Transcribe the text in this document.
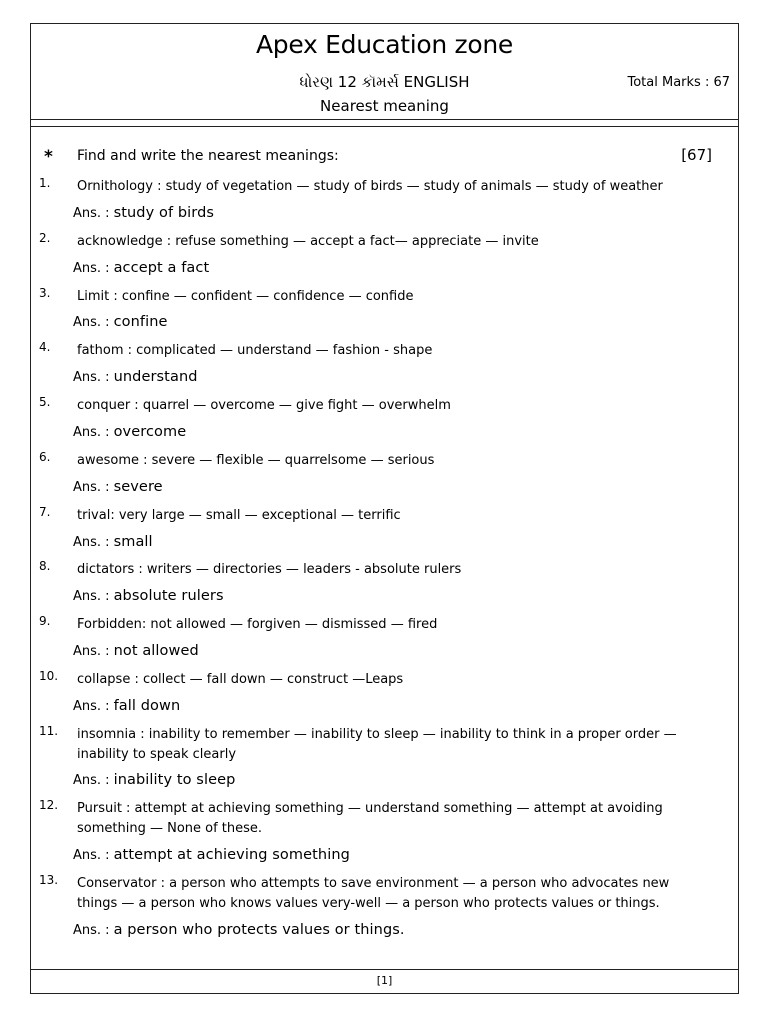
Apex Education zone
ધોરણ 12 કૉમર્સ ENGLISH	Total Marks : 67
Nearest meaning
* Find and write the nearest meanings:	[67]
1. Ornithology : study of vegetation — study of birds — study of animals — study of weather
Ans. : study of birds
2. acknowledge : refuse something — accept a fact— appreciate — invite
Ans. : accept a fact
3. Limit : confine — confident — confidence — confide
Ans. : confine
4. fathom : complicated — understand — fashion - shape
Ans. : understand
5. conquer : quarrel — overcome — give fight — overwhelm
Ans. : overcome
6. awesome : severe — flexible — quarrelsome — serious
Ans. : severe
7. trival: very large — small — exceptional — terrific
Ans. : small
8. dictators : writers — directories — leaders - absolute rulers
Ans. : absolute rulers
9. Forbidden: not allowed — forgiven — dismissed — fired
Ans. : not allowed
10. collapse : collect — fall down — construct —Leaps
Ans. : fall down
11. insomnia : inability to remember — inability to sleep — inability to think in a proper order — inability to speak clearly
Ans. : inability to sleep
12. Pursuit : attempt at achieving something — understand something — attempt at avoiding something — None of these.
Ans. : attempt at achieving something
13. Conservator : a person who attempts to save environment — a person who advocates new things — a person who knows values very-well — a person who protects values or things.
Ans. : a person who protects values or things.
[1]
